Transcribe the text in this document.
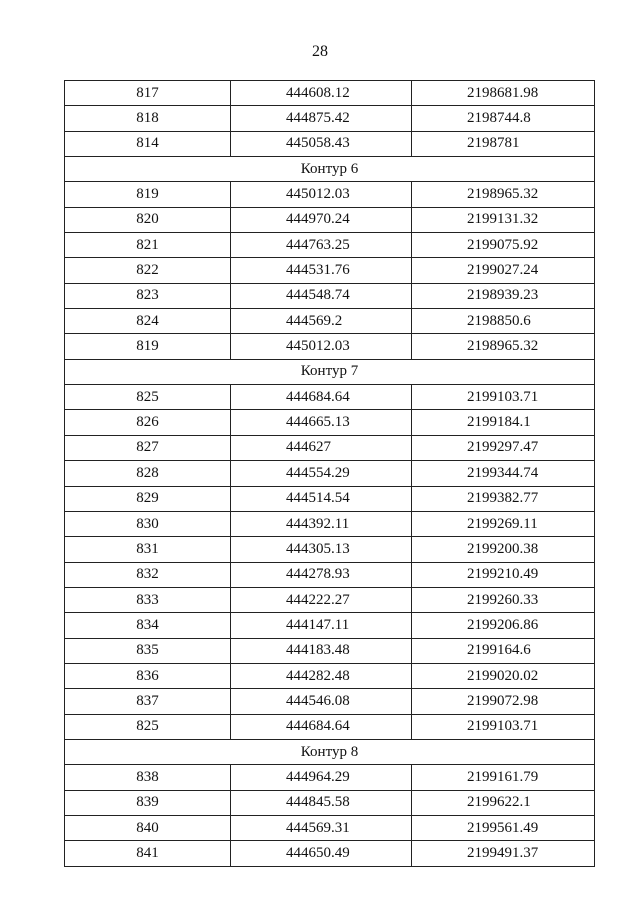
28
817	444608.12	2198681.98
818	444875.42	2198744.8
814	445058.43	2198781
Контур 6		
819	445012.03	2198965.32
820	444970.24	2199131.32
821	444763.25	2199075.92
822	444531.76	2199027.24
823	444548.74	2198939.23
824	444569.2	2198850.6
819	445012.03	2198965.32
Контур 7		
825	444684.64	2199103.71
826	444665.13	2199184.1
827	444627	2199297.47
828	444554.29	2199344.74
829	444514.54	2199382.77
830	444392.11	2199269.11
831	444305.13	2199200.38
832	444278.93	2199210.49
833	444222.27	2199260.33
834	444147.11	2199206.86
835	444183.48	2199164.6
836	444282.48	2199020.02
837	444546.08	2199072.98
825	444684.64	2199103.71
Контур 8		
838	444964.29	2199161.79
839	444845.58	2199622.1
840	444569.31	2199561.49
841	444650.49	2199491.37
